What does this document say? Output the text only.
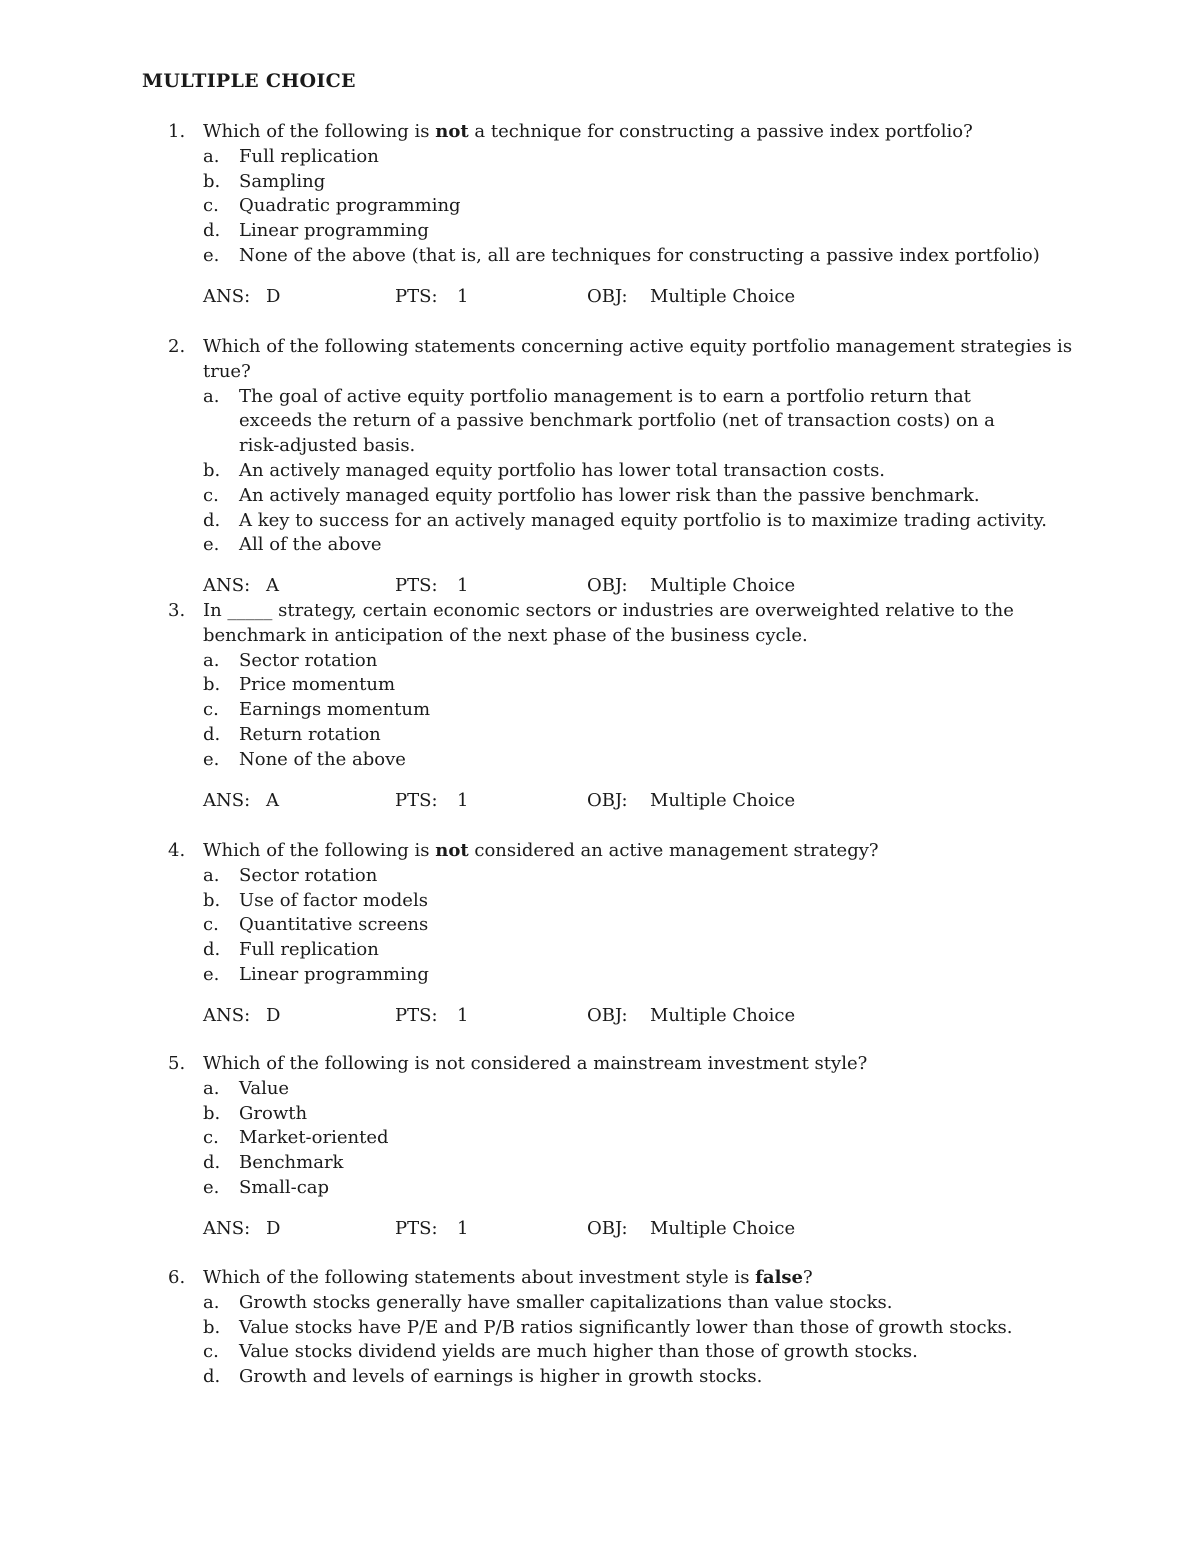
MULTIPLE CHOICE
1. Which of the following is not a technique for constructing a passive index portfolio?
a. Full replication
b. Sampling
c. Quadratic programming
d. Linear programming
e. None of the above (that is, all are techniques for constructing a passive index portfolio)
ANS: D	PTS: 1	OBJ: Multiple Choice
2. Which of the following statements concerning active equity portfolio management strategies is true?
a. The goal of active equity portfolio management is to earn a portfolio return that exceeds the return of a passive benchmark portfolio (net of transaction costs) on a risk-adjusted basis.
b. An actively managed equity portfolio has lower total transaction costs.
c. An actively managed equity portfolio has lower risk than the passive benchmark.
d. A key to success for an actively managed equity portfolio is to maximize trading activity.
e. All of the above
ANS: A	PTS: 1	OBJ: Multiple Choice
3. In _____ strategy, certain economic sectors or industries are overweighted relative to the benchmark in anticipation of the next phase of the business cycle.
a. Sector rotation
b. Price momentum
c. Earnings momentum
d. Return rotation
e. None of the above
ANS: A	PTS: 1	OBJ: Multiple Choice
4. Which of the following is not considered an active management strategy?
a. Sector rotation
b. Use of factor models
c. Quantitative screens
d. Full replication
e. Linear programming
ANS: D	PTS: 1	OBJ: Multiple Choice
5. Which of the following is not considered a mainstream investment style?
a. Value
b. Growth
c. Market-oriented
d. Benchmark
e. Small-cap
ANS: D	PTS: 1	OBJ: Multiple Choice
6. Which of the following statements about investment style is false?
a. Growth stocks generally have smaller capitalizations than value stocks.
b. Value stocks have P/E and P/B ratios significantly lower than those of growth stocks.
c. Value stocks dividend yields are much higher than those of growth stocks.
d. Growth and levels of earnings is higher in growth stocks.
